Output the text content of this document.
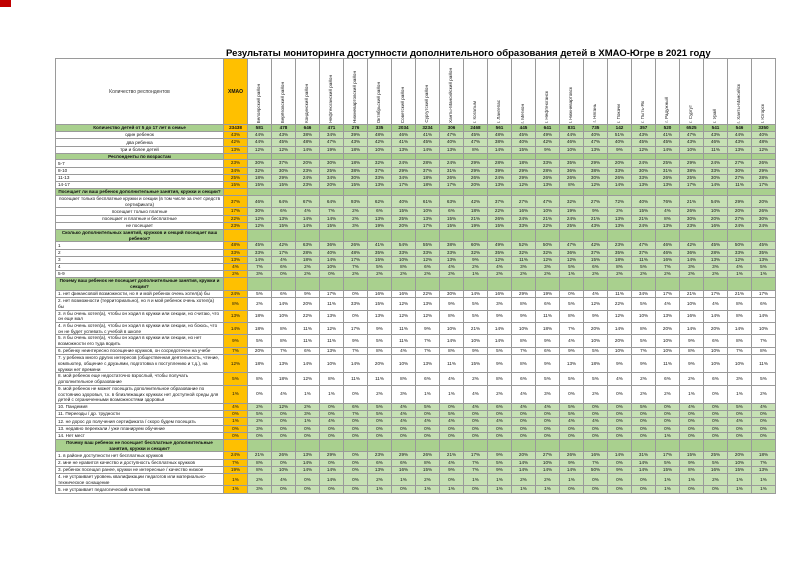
Результаты мониторинга доступности дополнительного образования детей в ХМАО-Югре в 2021 году
Количество респондентов	ХМАО	Белоярский район	Берёзовский район	Кондинский район	Нефтеюганский район	Нижневартовский район	Октябрьский район	Советский район	Сургутский район	Ханты-Мансийский район	г. Когалым	г. Лангепас	г. Мегион	г. Нефтеюганск	г. Нижневартовск	г. Нягань	г. Покачи	г. Пыть-Ях	г. Радужный	г. Сургут	г. Урай	г. Ханты-Мансийск	г. Югорск

Количество детей от 5 до 17 лет в семье	23438	581	478	646	471	276	335	2034	3234	306	2468	561	445	641	831	735	142	357	520	6525	541	546	3350
один ребенок	43%	44%	43%	38%	34%	39%	48%	46%	41%	47%	45%	48%	45%	49%	44%	40%	51%	43%	41%	47%	43%	44%	40%
два ребенка	42%	44%	45%	48%	47%	43%	42%	41%	45%	40%	47%	38%	40%	42%	46%	47%	40%	45%	45%	43%	46%	43%	48%
три и более детей	13%	12%	12%	14%	19%	18%	10%	13%	14%	13%	8%	14%	15%	9%	10%	13%	9%	12%	14%	10%	11%	13%	12%
Респонденты по возрастам																							
5-7	23%	30%	37%	20%	30%	18%	32%	24%	28%	24%	29%	28%	18%	33%	35%	29%	20%	24%	25%	29%	24%	27%	26%
8-10	34%	32%	30%	23%	25%	38%	37%	29%	37%	31%	29%	39%	29%	28%	36%	38%	33%	30%	31%	38%	33%	30%	29%
11-13	25%	18%	29%	24%	34%	30%	33%	34%	18%	26%	26%	24%	29%	26%	26%	30%	26%	33%	26%	25%	30%	27%	28%
14-17	15%	15%	15%	23%	20%	15%	13%	17%	18%	17%	20%	13%	12%	13%	8%	12%	14%	13%	13%	17%	14%	11%	17%
Посещает ли ваш ребенок дополнительные занятия, кружки и секции?																							
посещает только бесплатные кружки и секции (в том числе за счет средств сертификата)	37%	46%	64%	67%	64%	93%	62%	40%	61%	63%	42%	37%	27%	47%	32%	27%	72%	40%	76%	21%	54%	29%	20%
посещает только платные	17%	30%	6%	4%	7%	2%	6%	15%	10%	6%	18%	22%	16%	10%	19%	9%	2%	15%	4%	26%	10%	20%	26%
посещает и платные и бесплатные	22%	12%	13%	14%	14%	2%	13%	25%	13%	15%	21%	26%	24%	21%	24%	21%	13%	21%	8%	30%	20%	27%	30%
не посещает	23%	12%	15%	14%	15%	3%	19%	20%	17%	15%	19%	15%	33%	22%	25%	43%	13%	24%	13%	23%	16%	24%	24%
Сколько дополнительных занятий, кружков и секций посещает ваш ребенок?																							
1	48%	45%	42%	63%	36%	26%	41%	54%	55%	38%	60%	49%	52%	50%	47%	42%	23%	47%	46%	42%	45%	50%	45%
2	33%	33%	17%	28%	40%	48%	35%	33%	33%	33%	32%	35%	32%	32%	36%	37%	35%	37%	46%	36%	28%	33%	35%
3	13%	14%	4%	18%	14%	17%	15%	10%	12%	13%	9%	12%	11%	12%	12%	15%	18%	11%	16%	14%	13%	12%	13%
4	4%	7%	6%	2%	10%	7%	5%	8%	6%	4%	2%	4%	3%	3%	5%	6%	8%	5%	7%	3%	3%	4%	5%
5-9	2%	3%	0%	2%	0%	2%	2%	2%	2%	2%	1%	2%	2%	2%	1%	2%	2%	2%	2%	2%	2%	1%	1%
Почему ваш ребенок не посещает дополнительные занятия, кружки и секции?																							
1. нет финансовой возможности, но я и мой ребенок очень хотел(а) бы	24%	5%	6%	9%	17%	0%	16%	16%	22%	30%	14%	16%	29%	19%	0%	4%	11%	34%	17%	21%	17%	21%	17%
2. нет возможности (территориально), но я и мой ребенок очень хотел(а) бы	8%	2%	14%	20%	11%	33%	15%	12%	13%	9%	5%	3%	8%	6%	5%	12%	22%	5%	4%	10%	4%	8%	6%
3. я бы очень хотел(а), чтобы он ходил в кружки или секции, но считаю, что он еще мал	13%	18%	10%	22%	13%	0%	13%	12%	12%	8%	5%	9%	9%	11%	8%	9%	12%	10%	13%	16%	14%	8%	14%
4. я бы очень хотел(а), чтобы он ходил в кружки или секции, но боюсь, что он не будет успевать с учебой в школе	14%	18%	8%	11%	12%	17%	9%	11%	9%	10%	21%	14%	10%	18%	7%	20%	14%	8%	20%	14%	20%	14%	10%
5. я бы очень хотел(а), чтобы он ходил в кружки или секции, но нет возможности его туда водить	9%	5%	8%	11%	11%	9%	5%	11%	7%	14%	10%	14%	8%	9%	4%	10%	20%	5%	10%	9%	6%	8%	7%
6. ребенку неинтересно посещение кружков, он сосредоточен на учебе	7%	20%	7%	6%	13%	7%	8%	4%	7%	8%	9%	5%	7%	6%	9%	5%	10%	7%	10%	8%	10%	7%	8%
7. у ребенка много других интересов (общественная деятельность, чтение, компьютер, общение с друзьями, подготовка к поступлению и т.д.), на кружки нет времени	12%	18%	13%	14%	10%	14%	20%	10%	13%	11%	15%	9%	8%	9%	13%	18%	9%	9%	11%	9%	10%	10%	11%
8. мой ребенок еще недостаточно взрослый, чтобы получать дополнительное образование	5%	8%	18%	12%	8%	11%	11%	8%	6%	4%	2%	8%	6%	5%	5%	5%	4%	2%	6%	2%	6%	3%	5%
9. мой ребенок не может посещать дополнительное образование по состоянию здоровья, т.к. в близлежащих кружках нет доступной среды для детей с ограниченными возможностями здоровья	1%	0%	4%	1%	1%	0%	2%	3%	1%	1%	4%	2%	4%	3%	0%	2%	0%	2%	2%	1%	0%	1%	2%
10. Пандемия	4%	2%	12%	2%	0%	6%	5%	4%	5%	0%	4%	6%	4%	4%	5%	0%	0%	5%	0%	4%	0%	5%	4%
11. Переезды / др. трудности	0%	5%	0%	3%	0%	7%	5%	4%	0%	5%	0%	0%	0%	0%	5%	0%	0%	0%	0%	0%	0%	0%	0%
12. не дорос до получения сертификата / скоро будем посещать	1%	2%	0%	1%	4%	0%	0%	4%	4%	4%	0%	4%	0%	0%	4%	4%	0%	0%	0%	0%	0%	4%	0%
13. недавно переехали / уже планируем обучение	0%	3%	0%	0%	0%	0%	0%	0%	0%	0%	0%	0%	0%	0%	0%	0%	0%	0%	0%	0%	0%	0%	0%
14. Нет мест	0%	0%	0%	0%	0%	0%	0%	0%	0%	0%	0%	0%	0%	0%	0%	0%	0%	0%	1%	0%	0%	0%	0%
Почему ваш ребенок не посещает бесплатные дополнительные занятия, кружки и секции?																							
1. в районе доступности нет бесплатных кружков	24%	21%	26%	13%	29%	0%	23%	29%	26%	21%	17%	9%	20%	27%	26%	16%	14%	31%	17%	15%	25%	20%	18%
2. мне не нравится качество и доступность бесплатных кружков	7%	8%	0%	14%	0%	0%	6%	6%	8%	4%	7%	5%	14%	10%	9%	7%	0%	14%	5%	9%	5%	10%	7%
3. ребенок посещал ранее, кружки не интересные / качество низкое	19%	8%	10%	14%	14%	0%	13%	16%	15%	9%	7%	9%	14%	14%	14%	50%	9%	14%	15%	8%	16%	15%	13%
4. не устраивает уровень квалификации педагогов или материально-техническое оснащение	1%	2%	4%	0%	14%	0%	2%	1%	2%	0%	1%	1%	2%	2%	1%	0%	0%	0%	1%	1%	2%	1%	1%
5. не устраивает педагогический коллектив	1%	3%	0%	0%	0%	0%	1%	0%	1%	1%	0%	1%	1%	1%	0%	0%	0%	0%	1%	0%	0%	1%	1%
